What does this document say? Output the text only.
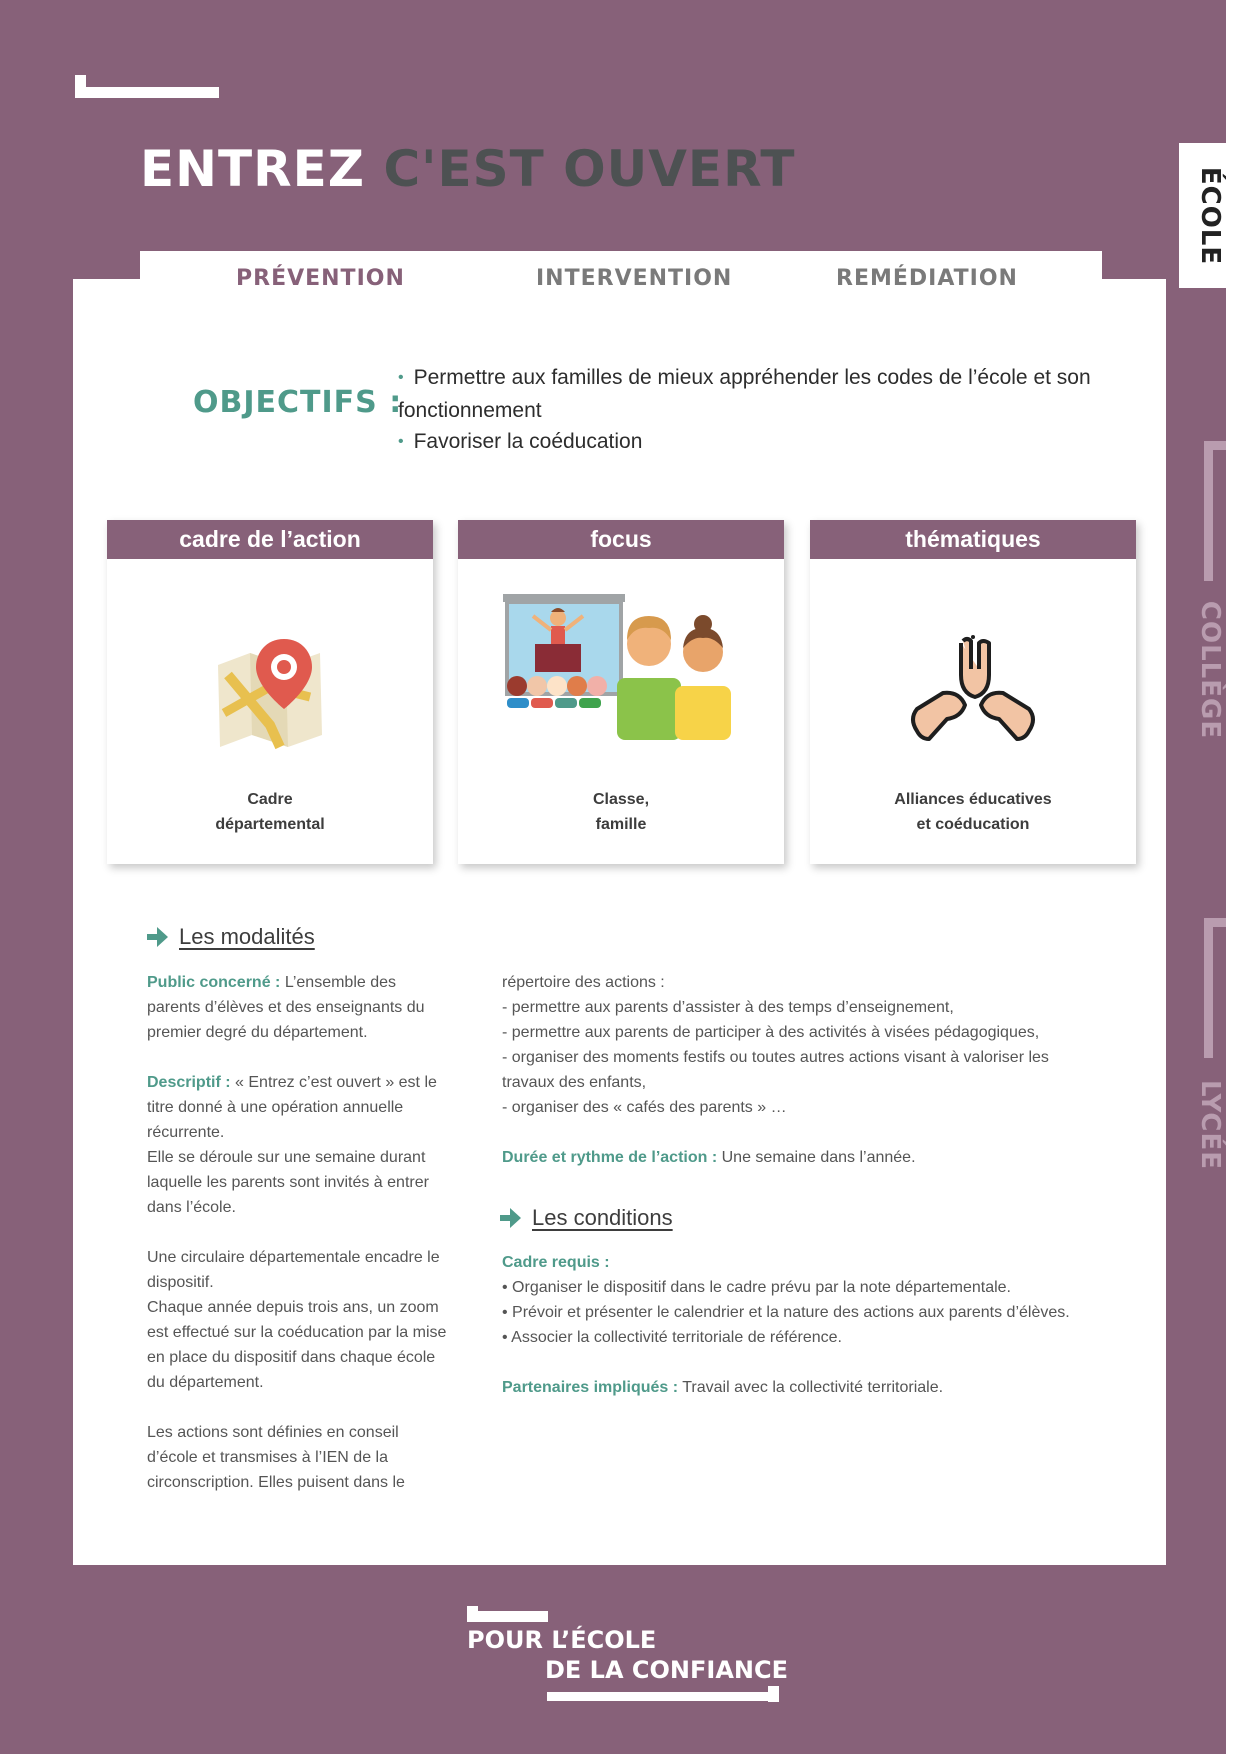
ENTREZ C'EST OUVERT	ÉCOLE
COLLÈGE
LYCÉE
PRÉVENTION	INTERVENTION	REMÉDIATION
OBJECTIFS :
• Permettre aux familles de mieux appréhender les codes de l’école et son fonctionnement
• Favoriser la coéducation
cadre de l’action
Cadre
départemental
focus
Classe,
famille
thématiques
Alliances éducatives
et coéducation
Les modalités

Public concerné : L’ensemble des parents d’élèves et des enseignants du premier degré du département.

Descriptif : « Entrez c’est ouvert » est le titre donné à une opération annuelle récurrente.

Elle se déroule sur une semaine durant laquelle les parents sont invités à entrer dans l’école.

Une circulaire départementale encadre le dispositif.

Chaque année depuis trois ans, un zoom est effectué sur la coéducation par la mise en place du dispositif dans chaque école du département.

Les actions sont définies en conseil d’école et transmises à l’IEN de la circonscription. Elles puisent dans le

répertoire des actions :

- permettre aux parents d’assister à des temps d’enseignement,

- permettre aux parents de participer à des activités à visées pédagogiques,

- organiser des moments festifs ou toutes autres actions visant à valoriser les travaux des enfants,

- organiser des « cafés des parents » …

Durée et rythme de l’action : Une semaine dans l’année.

Les conditions

Cadre requis :

• Organiser le dispositif dans le cadre prévu par la note départementale.

• Prévoir et présenter le calendrier et la nature des actions aux parents d’élèves.

• Associer la collectivité territoriale de référence.

Partenaires impliqués : Travail avec la collectivité territoriale.

POUR L’ÉCOLE
DE LA CONFIANCE
